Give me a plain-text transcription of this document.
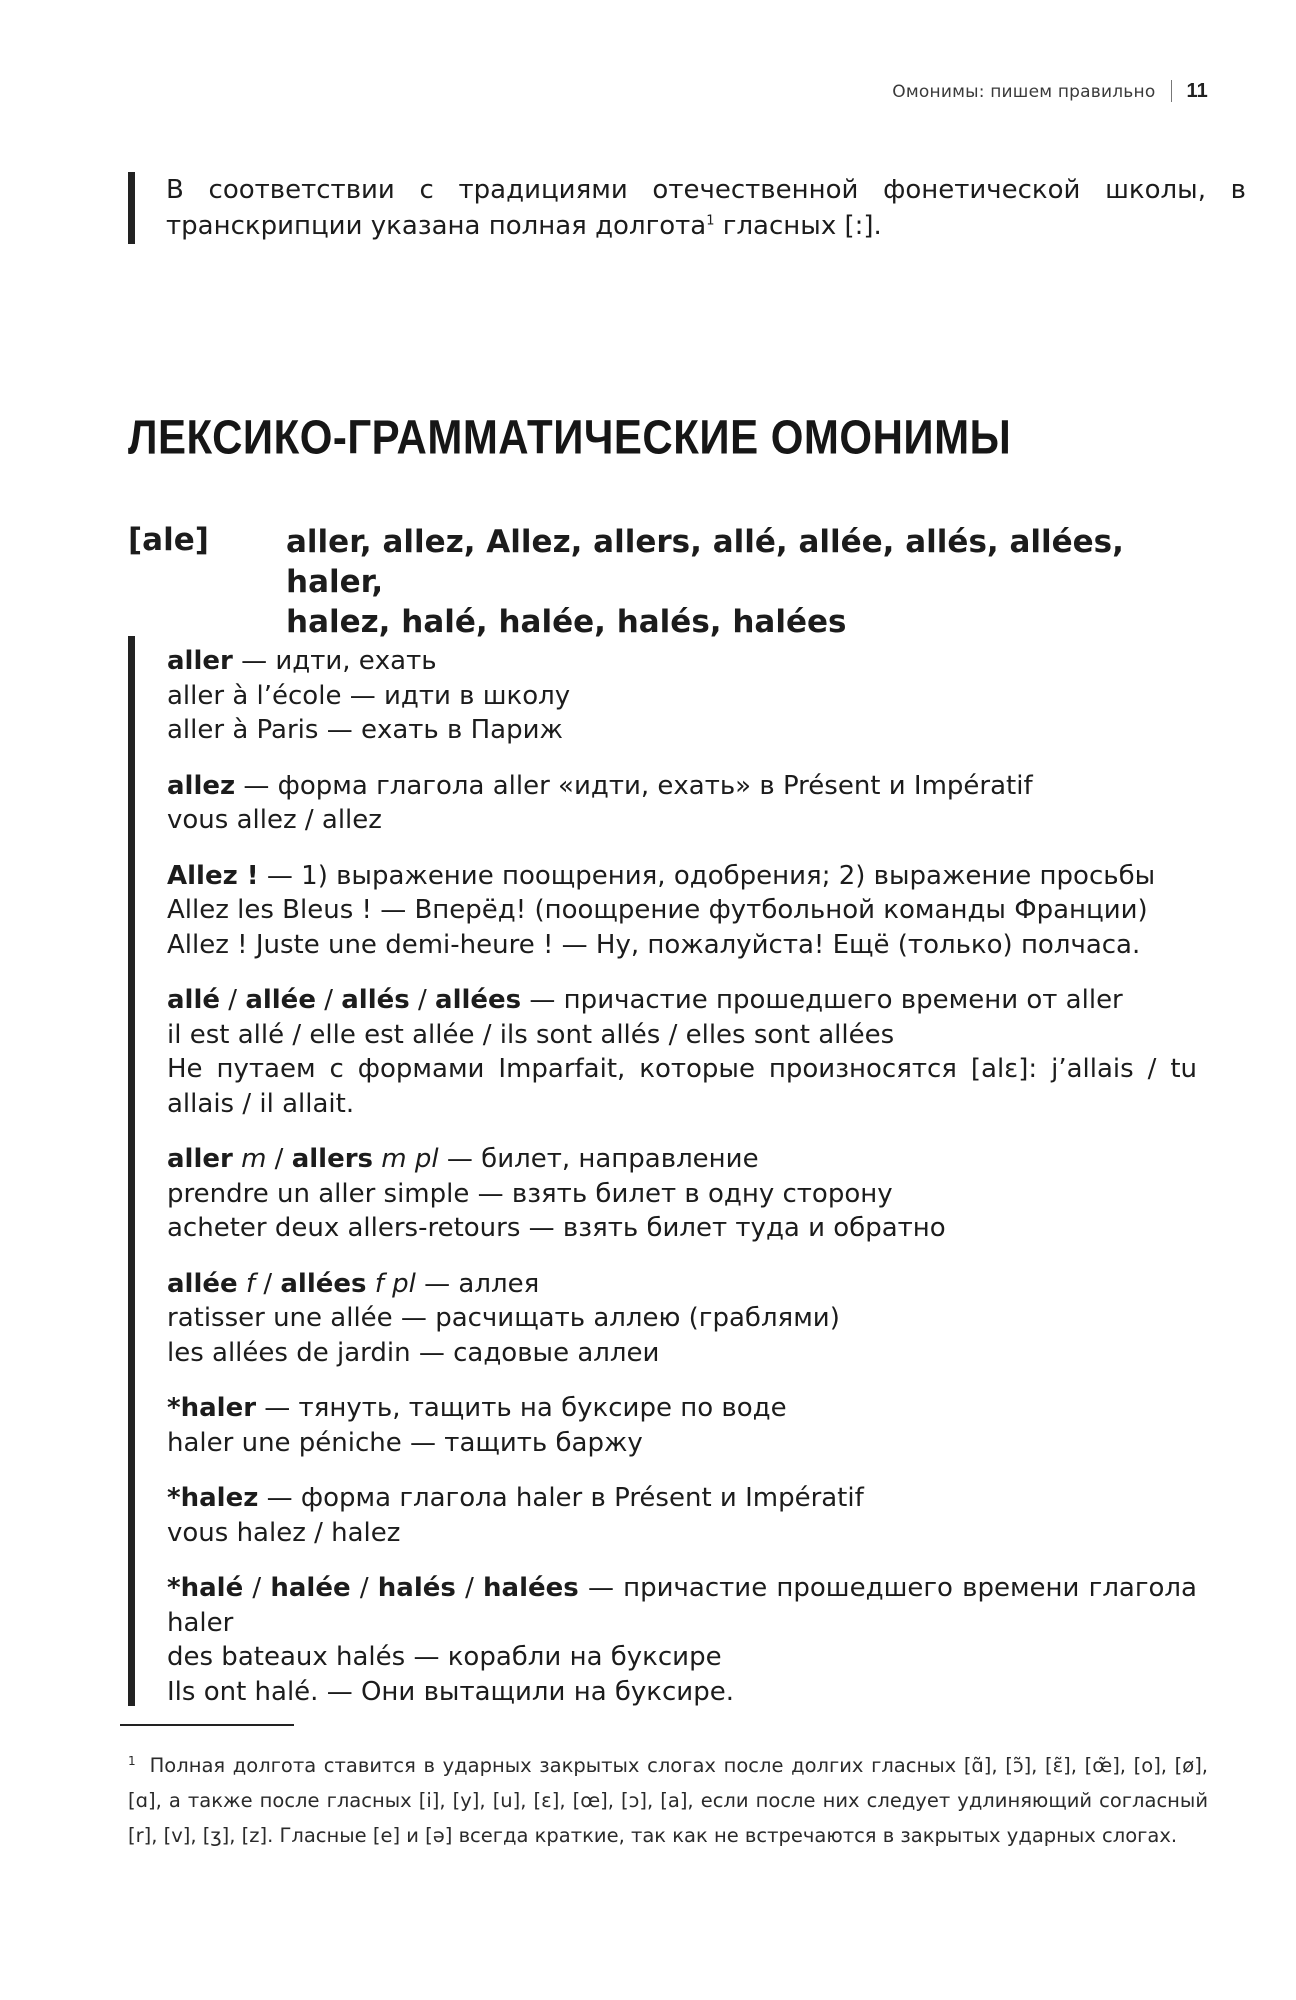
Омонимы: пишем правильно 11
В соответствии с традициями отечественной фонетической школы, в транскрипции указана полная долгота$^1$ гласных [:].
ЛЕКСИКО-ГРАММАТИЧЕСКИЕ ОМОНИМЫ
[ale] aller, allez, Allez, allers, allé, allée, allés, allées, haler,
halez, halé, halée, halés, halées
aller — идти, ехать
aller à l’école — идти в школу
aller à Paris — ехать в Париж
allez — форма глагола aller «идти, ехать» в Présent и Impératif
vous allez / allez
Allez ! — 1) выражение поощрения, одобрения; 2) выражение просьбы
Allez les Bleus ! — Вперёд! (поощрение футбольной команды Франции)
Allez ! Juste une demi-heure ! — Ну, пожалуйста! Ещё (только) полчаса.
allé / allée / allés / allées — причастие прошедшего времени от aller
il est allé / elle est allée / ils sont allés / elles sont allées
Не путаем с формами Imparfait, которые произносятся [alɛ]: j’allais / tu allais / il allait.
aller m / allers m pl — билет, направление
prendre un aller simple — взять билет в одну сторону
acheter deux allers-retours — взять билет туда и обратно
allée f / allées f pl — аллея
ratisser une allée — расчищать аллею (граблями)
les allées de jardin — садовые аллеи
*haler — тянуть, тащить на буксире по воде
haler une péniche — тащить баржу
*halez — форма глагола haler в Présent и Impératif
vous halez / halez
*halé / halée / halés / halées — причастие прошедшего времени глагола haler
des bateaux halés — корабли на буксире
Ils ont halé. — Они вытащили на буксире.
$^1$ Полная долгота ставится в ударных закрытых слогах после долгих гласных [ɑ̃], [ɔ̃], [ɛ̃], [œ̃], [o], [ø], [ɑ], а также после гласных [i], [y], [u], [ɛ], [œ], [ɔ], [a], если после них следует удлиняющий согласный [r], [v], [ʒ], [z]. Гласные [e] и [ə] всегда краткие, так как не встречаются в закрытых ударных слогах.
